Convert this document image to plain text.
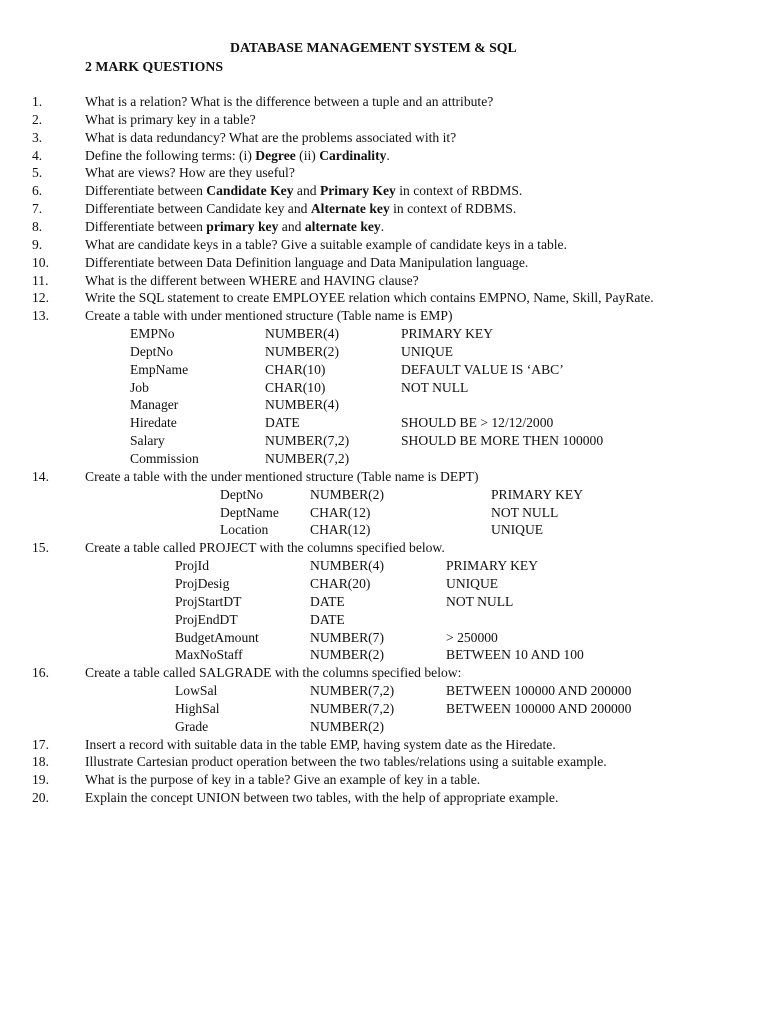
DATABASE MANAGEMENT SYSTEM & SQL
2 MARK QUESTIONS
1.	What is a relation? What is the difference between a tuple and an attribute?
2.	What is primary key in a table?
3.	What is data redundancy? What are the problems associated with it?
4.	Define the following terms: (i) Degree (ii) Cardinality.
5.	What are views? How are they useful?
6.	Differentiate between Candidate Key and Primary Key in context of RBDMS.
7.	Differentiate between Candidate key and Alternate key in context of RDBMS.
8.	Differentiate between primary key and alternate key.
9.	What are candidate keys in a table? Give a suitable example of candidate keys in a table.
10.	Differentiate between Data Definition language and Data Manipulation language.
11.	What is the different between WHERE and HAVING clause?
12.	Write the SQL statement to create EMPLOYEE relation which contains EMPNO, Name, Skill, PayRate.
13.	Create a table with under mentioned structure (Table name is EMP)
14.	Create a table with the under mentioned structure (Table name is DEPT)
15.	Create a table called PROJECT with the columns specified below.
16.	Create a table called SALGRADE with the columns specified below:
17.	Insert a record with suitable data in the table EMP, having system date as the Hiredate.
18.	Illustrate Cartesian product operation between the two tables/relations using a suitable example.
19.	What is the purpose of key in a table? Give an example of key in a table.
20.	Explain the concept UNION between two tables, with the help of appropriate example.
EMPNo	NUMBER(4)	PRIMARY KEY
DeptNo	NUMBER(2)	UNIQUE
EmpName	CHAR(10)	DEFAULT VALUE IS ‘ABC’
Job	CHAR(10)	NOT NULL
Manager	NUMBER(4)
Hiredate	DATE	SHOULD BE > 12/12/2000
Salary	NUMBER(7,2)	SHOULD BE MORE THEN 100000
Commission	NUMBER(7,2)
DeptNo	NUMBER(2)	PRIMARY KEY
DeptName CHAR(12)	NOT NULL
Location	CHAR(12)	UNIQUE
ProjId	NUMBER(4)	PRIMARY KEY
ProjDesig	CHAR(20)	UNIQUE
ProjStartDT	DATE	NOT NULL
ProjEndDT	DATE
BudgetAmount	NUMBER(7)	> 250000
MaxNoStaff	NUMBER(2)	BETWEEN 10 AND 100
LowSal	NUMBER(7,2)	BETWEEN 100000 AND 200000
HighSal	NUMBER(7,2)	BETWEEN 100000 AND 200000
Grade	NUMBER(2)
